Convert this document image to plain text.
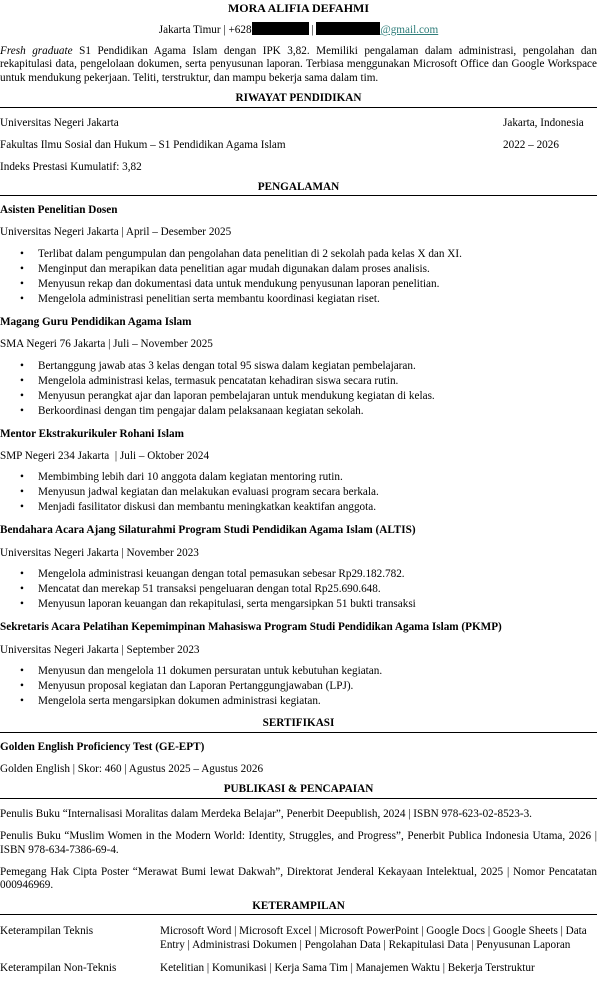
MORA ALIFIA DEFAHMI
Jakarta Timur | +628	|	@gmail.com
Fresh graduate S1 Pendidikan Agama Islam dengan IPK 3,82. Memiliki pengalaman dalam administrasi, pengolahan dan rekapitulasi data, pengelolaan dokumen, serta penyusunan laporan. Terbiasa menggunakan Microsoft Office dan Google Workspace untuk mendukung pekerjaan. Teliti, terstruktur, dan mampu bekerja sama dalam tim.
RIWAYAT PENDIDIKAN
Universitas Negeri Jakarta	Jakarta, Indonesia
Fakultas Ilmu Sosial dan Hukum – S1 Pendidikan Agama Islam	2022 – 2026
Indeks Prestasi Kumulatif: 3,82
PENGALAMAN
Asisten Penelitian Dosen
Universitas Negeri Jakarta | April – Desember 2025
• Terlibat dalam pengumpulan dan pengolahan data penelitian di 2 sekolah pada kelas X dan XI.
• Menginput dan merapikan data penelitian agar mudah digunakan dalam proses analisis.
• Menyusun rekap dan dokumentasi data untuk mendukung penyusunan laporan penelitian.
• Mengelola administrasi penelitian serta membantu koordinasi kegiatan riset.
Magang Guru Pendidikan Agama Islam
SMA Negeri 76 Jakarta | Juli – November 2025
• Bertanggung jawab atas 3 kelas dengan total 95 siswa dalam kegiatan pembelajaran.
• Mengelola administrasi kelas, termasuk pencatatan kehadiran siswa secara rutin.
• Menyusun perangkat ajar dan laporan pembelajaran untuk mendukung kegiatan di kelas.
• Berkoordinasi dengan tim pengajar dalam pelaksanaan kegiatan sekolah.
Mentor Ekstrakurikuler Rohani Islam
SMP Negeri 234 Jakarta  | Juli – Oktober 2024
• Membimbing lebih dari 10 anggota dalam kegiatan mentoring rutin.
• Menyusun jadwal kegiatan dan melakukan evaluasi program secara berkala.
• Menjadi fasilitator diskusi dan membantu meningkatkan keaktifan anggota.
Bendahara Acara Ajang Silaturahmi Program Studi Pendidikan Agama Islam (ALTIS)
Universitas Negeri Jakarta | November 2023
• Mengelola administrasi keuangan dengan total pemasukan sebesar Rp29.182.782.
• Mencatat dan merekap 51 transaksi pengeluaran dengan total Rp25.690.648.
• Menyusun laporan keuangan dan rekapitulasi, serta mengarsipkan 51 bukti transaksi
Sekretaris Acara Pelatihan Kepemimpinan Mahasiswa Program Studi Pendidikan Agama Islam (PKMP)
Universitas Negeri Jakarta | September 2023
• Menyusun dan mengelola 11 dokumen persuratan untuk kebutuhan kegiatan.
• Menyusun proposal kegiatan dan Laporan Pertanggungjawaban (LPJ).
• Mengelola serta mengarsipkan dokumen administrasi kegiatan.
SERTIFIKASI
Golden English Proficiency Test (GE-EPT)
Golden English | Skor: 460 | Agustus 2025 – Agustus 2026
PUBLIKASI & PENCAPAIAN
Penulis Buku “Internalisasi Moralitas dalam Merdeka Belajar”, Penerbit Deepublish, 2024 | ISBN 978-623-02-8523-3.
Penulis Buku “Muslim Women in the Modern World: Identity, Struggles, and Progress”, Penerbit Publica Indonesia Utama, 2026 | ISBN 978-634-7386-69-4.
Pemegang Hak Cipta Poster “Merawat Bumi lewat Dakwah”, Direktorat Jenderal Kekayaan Intelektual, 2025 | Nomor Pencatatan 000946969.
KETERAMPILAN
Keterampilan Teknis	Microsoft Word | Microsoft Excel | Microsoft PowerPoint | Google Docs | Google Sheets | Data Entry | Administrasi Dokumen | Pengolahan Data | Rekapitulasi Data | Penyusunan Laporan
Keterampilan Non-Teknis	Ketelitian | Komunikasi | Kerja Sama Tim | Manajemen Waktu | Bekerja Terstruktur
